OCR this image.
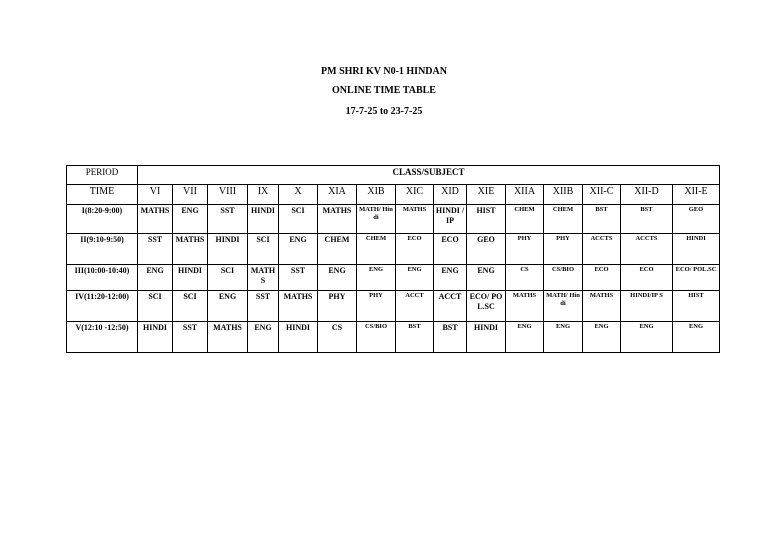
PM SHRI KV N0-1 HINDAN
ONLINE TIME TABLE
17-7-25 to 23-7-25
PERIOD	CLASS/SUBJECT														
TIME	VI	VII	VIII	IX	X	XIA	XIB	XIC	XID	XIE	XIIA	XIIB	XII-C	XII-D	XII-E
I(8:20-9:00)	MATHS	ENG	SST	HINDI	SCI	MATHS	MATH/ Hindi	MATHS	HINDI /IP	HIST	CHEM	CHEM	BST	BST	GEO
II(9:10-9:50)	SST	MATHS	HINDI	SCI	ENG	CHEM	CHEM	ECO	ECO	GEO	PHY	PHY	ACCTS	ACCTS	HINDI
III(10:00-10:40)	ENG	HINDI	SCI	MATHS	SST	ENG	ENG	ENG	ENG	ENG	CS	CS/BIO	ECO	ECO	ECO/ POL.SC
IV(11:20-12:00)	SCI	SCI	ENG	SST	MATHS	PHY	PHY	ACCT	ACCT	ECO/ POL.SC	MATHS	MATH/ Hindi	MATHS	HINDI/IP S	HIST
V(12:10 -12:50)	HINDI	SST	MATHS	ENG	HINDI	CS	CS/BIO	BST	BST	HINDI	ENG	ENG	ENG	ENG	ENG
